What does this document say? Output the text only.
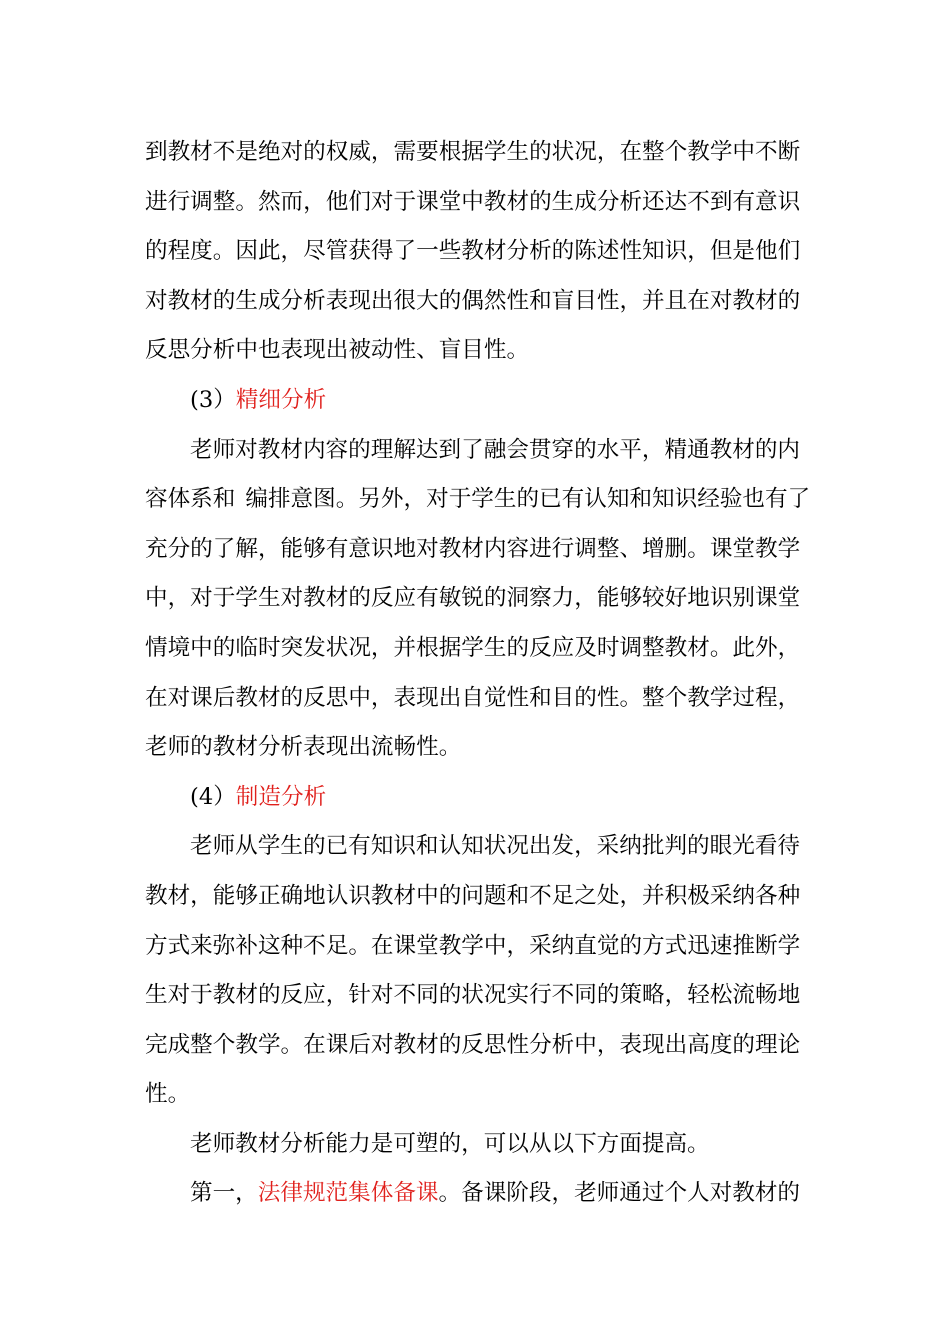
到教材不是绝对的权威，需要根据学生的状况，在整个教学中不断
进行调整。然而，他们对于课堂中教材的生成分析还达不到有意识
的程度。因此，尽管获得了一些教材分析的陈述性知识，但是他们
对教材的生成分析表现出很大的偶然性和盲目性，并且在对教材的
反思分析中也表现出被动性、盲目性。
(3）精细分析
老师对教材内容的理解达到了融会贯穿的水平，精通教材的内
容体系和 编排意图。另外，对于学生的已有认知和知识经验也有了
充分的了解，能够有意识地对教材内容进行调整、增删。课堂教学
中，对于学生对教材的反应有敏锐的洞察力，能够较好地识别课堂
情境中的临时突发状况，并根据学生的反应及时调整教材。此外，
在对课后教材的反思中，表现出自觉性和目的性。整个教学过程，
老师的教材分析表现出流畅性。
(4）制造分析
老师从学生的已有知识和认知状况出发，采纳批判的眼光看待
教材，能够正确地认识教材中的问题和不足之处，并积极采纳各种
方式来弥补这种不足。在课堂教学中，采纳直觉的方式迅速推断学
生对于教材的反应，针对不同的状况实行不同的策略，轻松流畅地
完成整个教学。在课后对教材的反思性分析中，表现出高度的理论
性。
老师教材分析能力是可塑的，可以从以下方面提高。
第一，法律规范集体备课。备课阶段，老师通过个人对教材的
